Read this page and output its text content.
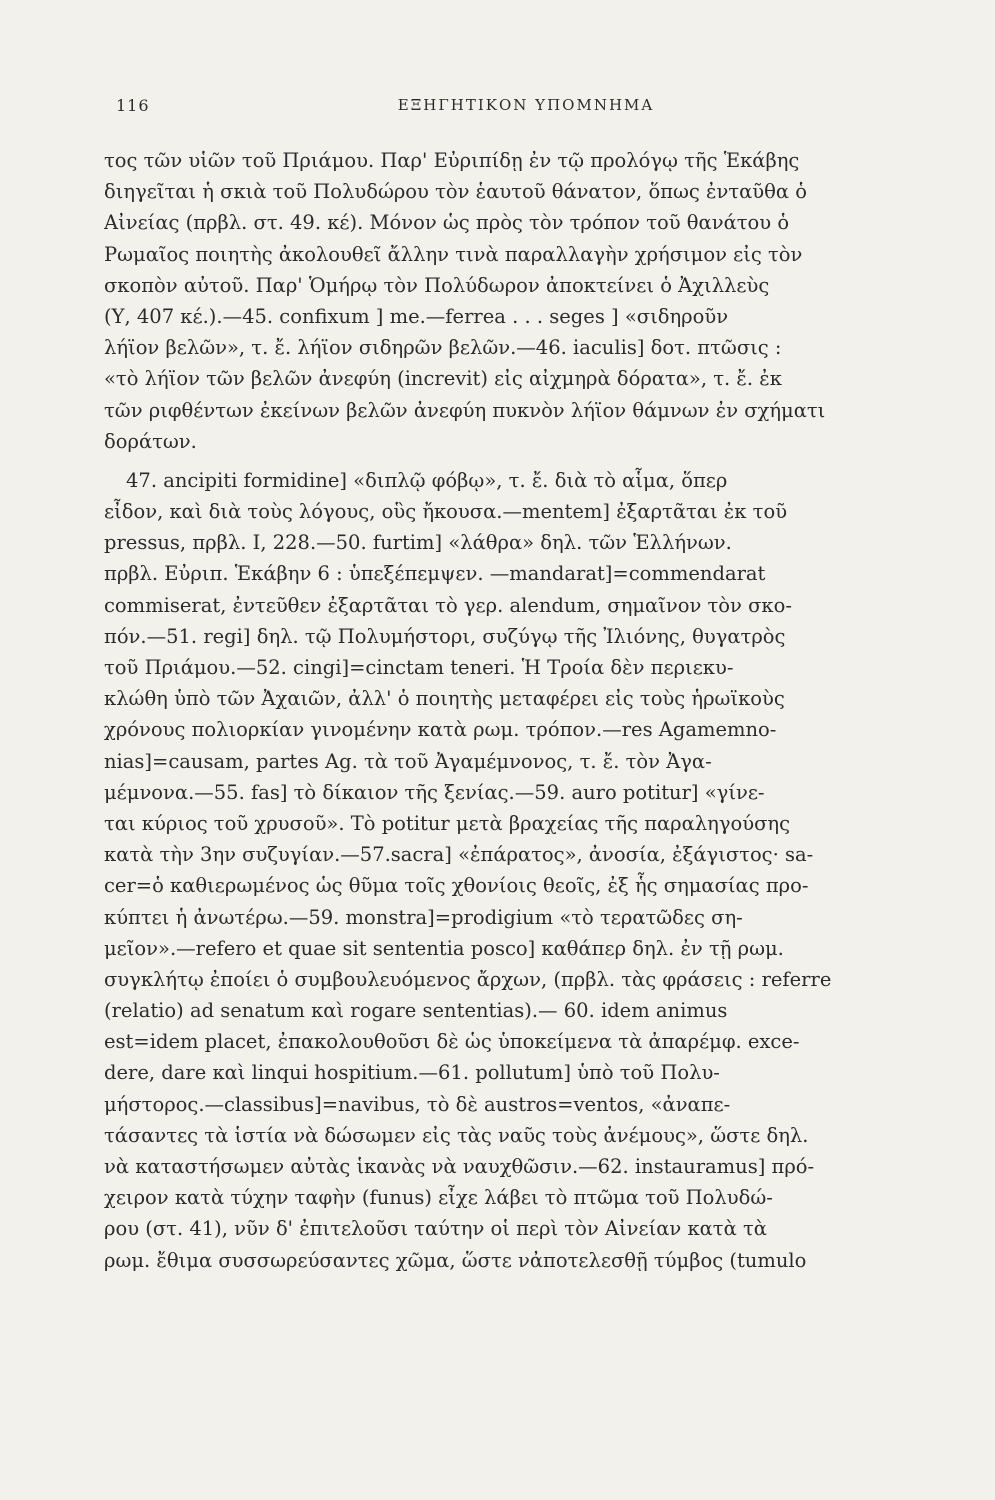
116	ΕΞΗΓΗΤΙΚΟΝ ΥΠΟΜΝΗΜΑ
τος τῶν υἱῶν τοῦ Πριάμου. Παρ' Εὐριπίδῃ ἐν τῷ προλόγῳ τῆς Ἑκάβης
διηγεῖται ἡ σκιὰ τοῦ Πολυδώρου τὸν ἑαυτοῦ θάνατον, ὅπως ἐνταῦθα ὁ
Αἰνείας (πρβλ. στ. 49. κέ). Μόνον ὡς πρὸς τὸν τρόπον τοῦ θανάτου ὁ
Ρωμαῖος ποιητὴς ἀκολουθεῖ ἄλλην τινὰ παραλλαγὴν χρήσιμον εἰς τὸν
σκοπὸν αὐτοῦ. Παρ' Ὁμήρῳ τὸν Πολύδωρον ἀποκτείνει ὁ Ἀχιλλεὺς
(Υ, 407 κέ.).—45. confixum ] me.—ferrea . . . seges ] «σιδηροῦν
λήϊον βελῶν», τ. ἔ. λήϊον σιδηρῶν βελῶν.—46. iaculis] δοτ. πτῶσις :
«τὸ λήϊον τῶν βελῶν ἀνεφύη (increvit) εἰς αἰχμηρὰ δόρατα», τ. ἔ. ἐκ
τῶν ριφθέντων ἐκείνων βελῶν ἀνεφύη πυκνὸν λήϊον θάμνων ἐν σχήματι
δοράτων.
47. ancipiti formidine] «διπλῷ φόβῳ», τ. ἔ. διὰ τὸ αἷμα, ὅπερ
εἶδον, καὶ διὰ τοὺς λόγους, οὓς ἤκουσα.—mentem] ἐξαρτᾶται ἐκ τοῦ
pressus, πρβλ. I, 228.—50. furtim] «λάθρα» δηλ. τῶν Ἑλλήνων.
πρβλ. Εὐριπ. Ἑκάβην 6 : ὑπεξέπεμψεν. —mandarat]=commendarat
commiserat, ἐντεῦθεν ἐξαρτᾶται τὸ γερ. alendum, σημαῖνον τὸν σκο-
πόν.—51. regi] δηλ. τῷ Πολυμήστορι, συζύγῳ τῆς Ἰλιόνης, θυγατρὸς
τοῦ Πριάμου.—52. cingi]=cinctam teneri. Ἡ Τροία δὲν περιεκυ-
κλώθη ὑπὸ τῶν Ἀχαιῶν, ἀλλ' ὁ ποιητὴς μεταφέρει εἰς τοὺς ἡρωϊκοὺς
χρόνους πολιορκίαν γινομένην κατὰ ρωμ. τρόπον.—res Agamemno-
nias]=causam, partes Ag. τὰ τοῦ Ἀγαμέμνονος, τ. ἔ. τὸν Ἀγα-
μέμνονα.—55. fas] τὸ δίκαιον τῆς ξενίας.—59. auro potitur] «γίνε-
ται κύριος τοῦ χρυσοῦ». Τὸ potitur μετὰ βραχείας τῆς παραληγούσης
κατὰ τὴν 3ην συζυγίαν.—57.sacra] «ἐπάρατος», ἀνοσία, ἐξάγιστος· sa-
cer=ὁ καθιερωμένος ὡς θῦμα τοῖς χθονίοις θεοῖς, ἐξ ἧς σημασίας προ-
κύπτει ἡ ἀνωτέρω.—59. monstra]=prodigium «τὸ τερατῶδες ση-
μεῖον».—refero et quae sit sententia posco] καθάπερ δηλ. ἐν τῇ ρωμ.
συγκλήτῳ ἐποίει ὁ συμβουλευόμενος ἄρχων, (πρβλ. τὰς φράσεις : referre
(relatio) ad senatum καὶ rogare sententias).— 60. idem animus
est=idem placet, ἐπακολουθοῦσι δὲ ὡς ὑποκείμενα τὰ ἀπαρέμφ. exce-
dere, dare καὶ linqui hospitium.—61. pollutum] ὑπὸ τοῦ Πολυ-
μήστορος.—classibus]=navibus, τὸ δὲ austros=ventos, «ἀναπε-
τάσαντες τὰ ἱστία νὰ δώσωμεν εἰς τὰς ναῦς τοὺς ἀνέμους», ὥστε δηλ.
νὰ καταστήσωμεν αὐτὰς ἱκανὰς νὰ ναυχθῶσιν.—62. instauramus] πρό-
χειρον κατὰ τύχην ταφὴν (funus) εἶχε λάβει τὸ πτῶμα τοῦ Πολυδώ-
ρου (στ. 41), νῦν δ' ἐπιτελοῦσι ταύτην οἱ περὶ τὸν Αἰνείαν κατὰ τὰ
ρωμ. ἔθιμα συσσωρεύσαντες χῶμα, ὥστε νἀποτελεσθῇ τύμβος (tumulo
